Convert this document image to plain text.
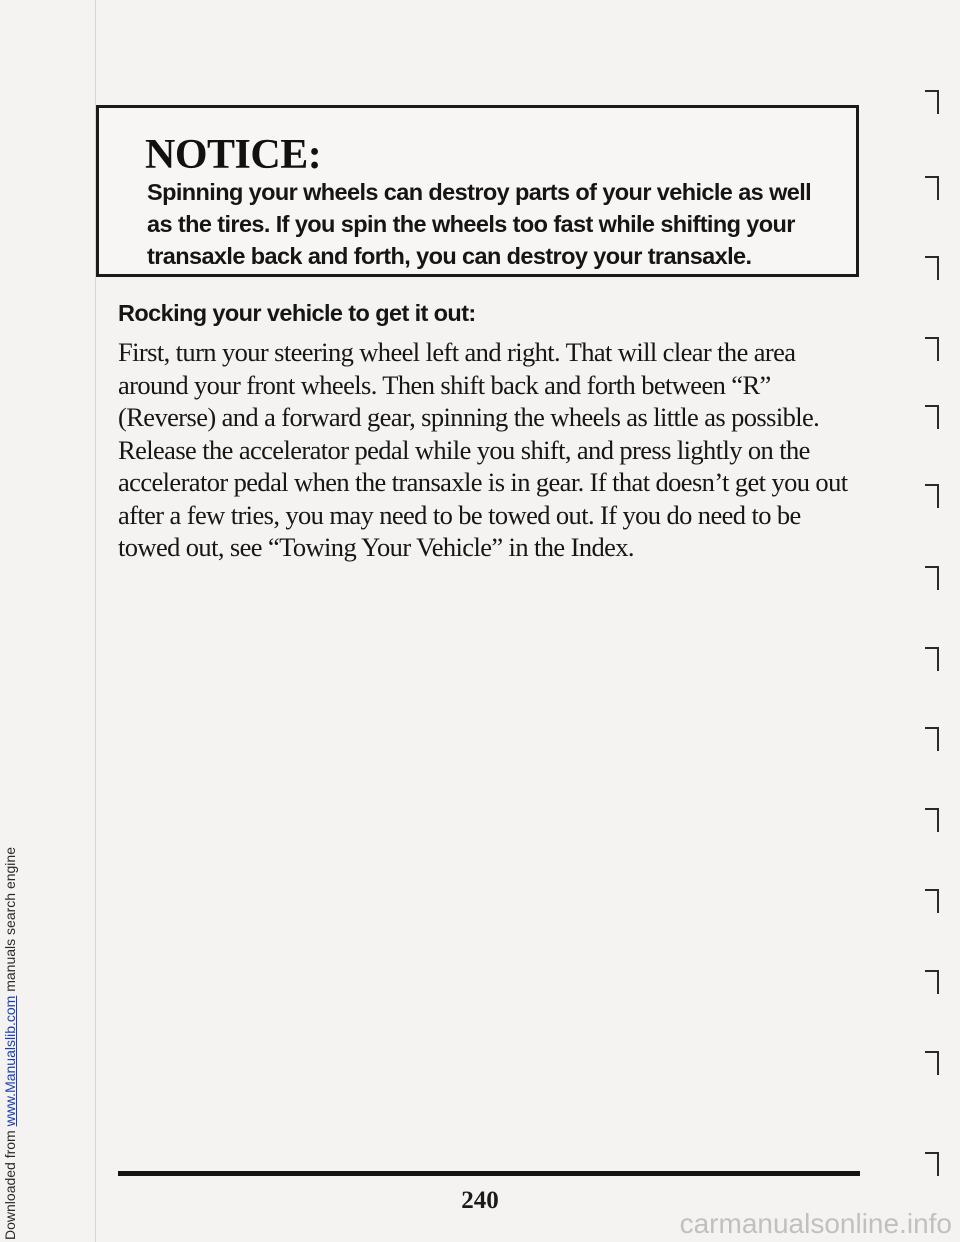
Downloaded from www.Manualslib.com manuals search engine
NOTICE:

Spinning your wheels can destroy parts of your vehicle as well as the tires. If you spin the wheels too fast while shifting your transaxle back and forth, you can destroy your transaxle.

Rocking your vehicle to get it out:

First, turn your steering wheel left and right. That will clear the area around your front wheels. Then shift back and forth between “R” (Reverse) and a forward gear, spinning the wheels as little as possible. Release the accelerator pedal while you shift, and press lightly on the accelerator pedal when the transaxle is in gear. If that doesn’t get you out after a few tries, you may need to be towed out. If you do need to be towed out, see “Towing Your Vehicle” in the Index.

240

carmanualsonline.info
